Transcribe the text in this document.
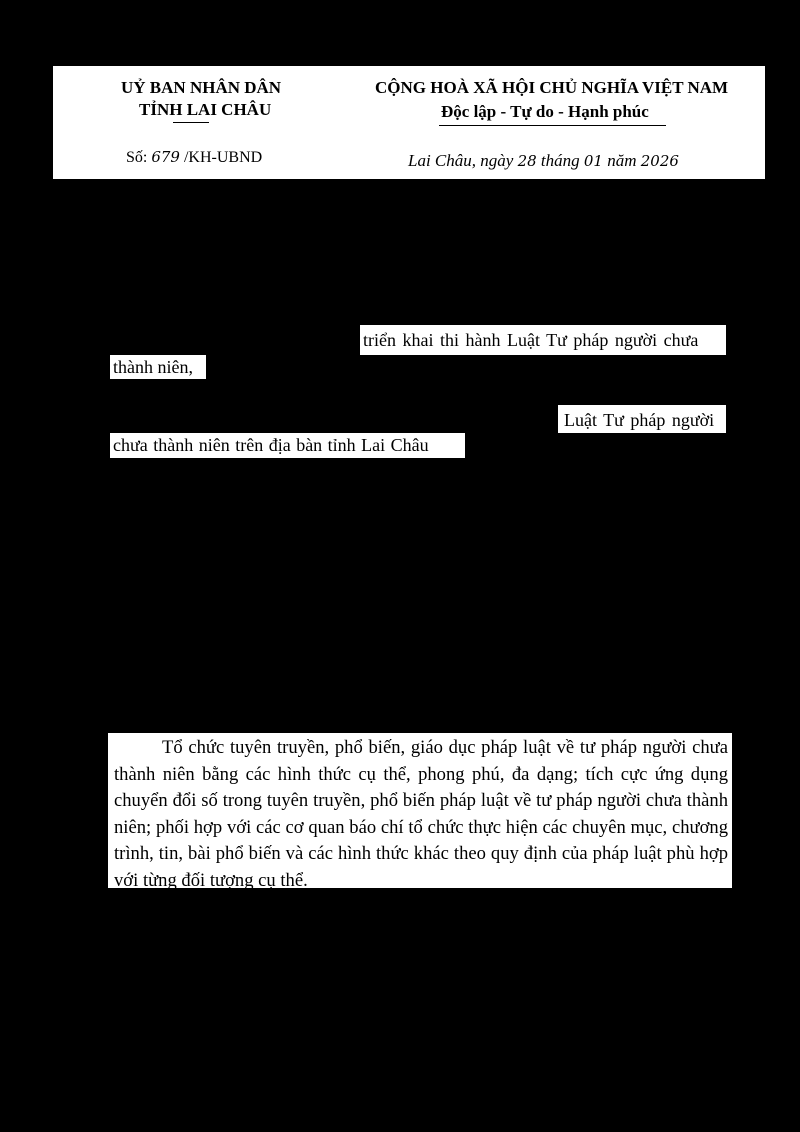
UỶ BAN NHÂN DÂN
TỈNH LAI CHÂU
Số: 679 /KH-UBND
CỘNG HOÀ XÃ HỘI CHỦ NGHĨA VIỆT NAM
Độc lập - Tự do - Hạnh phúc
Lai Châu, ngày 28 tháng 01 năm 2026
triển khai thi hành Luật Tư pháp người chưa
thành niên,
Luật Tư pháp người
chưa thành niên trên địa bàn tỉnh Lai Châu

Tổ chức tuyên truyền, phổ biến, giáo dục pháp luật về tư pháp người chưa thành niên bằng các hình thức cụ thể, phong phú, đa dạng; tích cực ứng dụng chuyển đổi số trong tuyên truyền, phổ biến pháp luật về tư pháp người chưa thành niên; phối hợp với các cơ quan báo chí tổ chức thực hiện các chuyên mục, chương trình, tin, bài phổ biến và các hình thức khác theo quy định của pháp luật phù hợp với từng đối tượng cụ thể.
